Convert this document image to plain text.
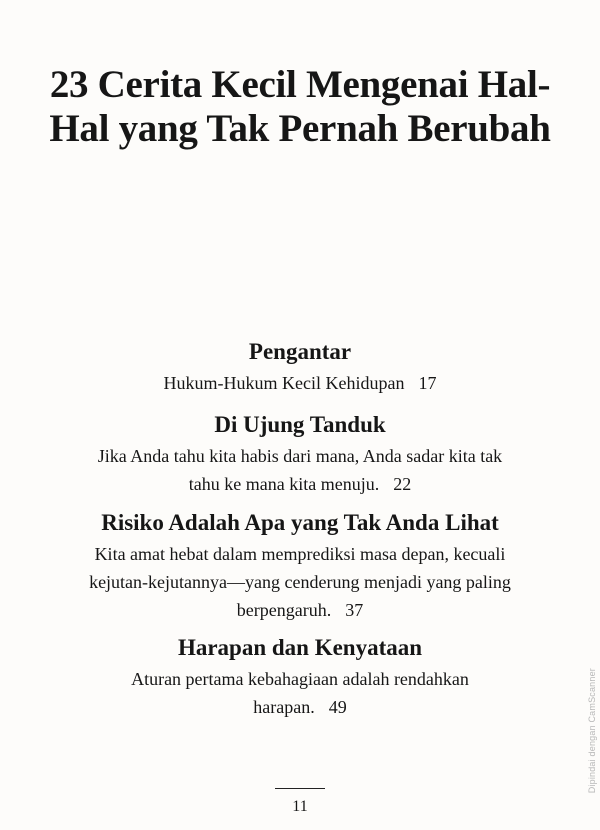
23 Cerita Kecil Mengenai Hal-Hal yang Tak Pernah Berubah
Pengantar
Hukum-Hukum Kecil Kehidupan 17
Di Ujung Tanduk
Jika Anda tahu kita habis dari mana, Anda sadar kita tak
tahu ke mana kita menuju. 22
Risiko Adalah Apa yang Tak Anda Lihat
Kita amat hebat dalam memprediksi masa depan, kecuali
kejutan-kejutannya—yang cenderung menjadi yang paling
berpengaruh. 37
Harapan dan Kenyataan
Aturan pertama kebahagiaan adalah rendahkan
harapan. 49
11
Dipindai dengan CamScanner
